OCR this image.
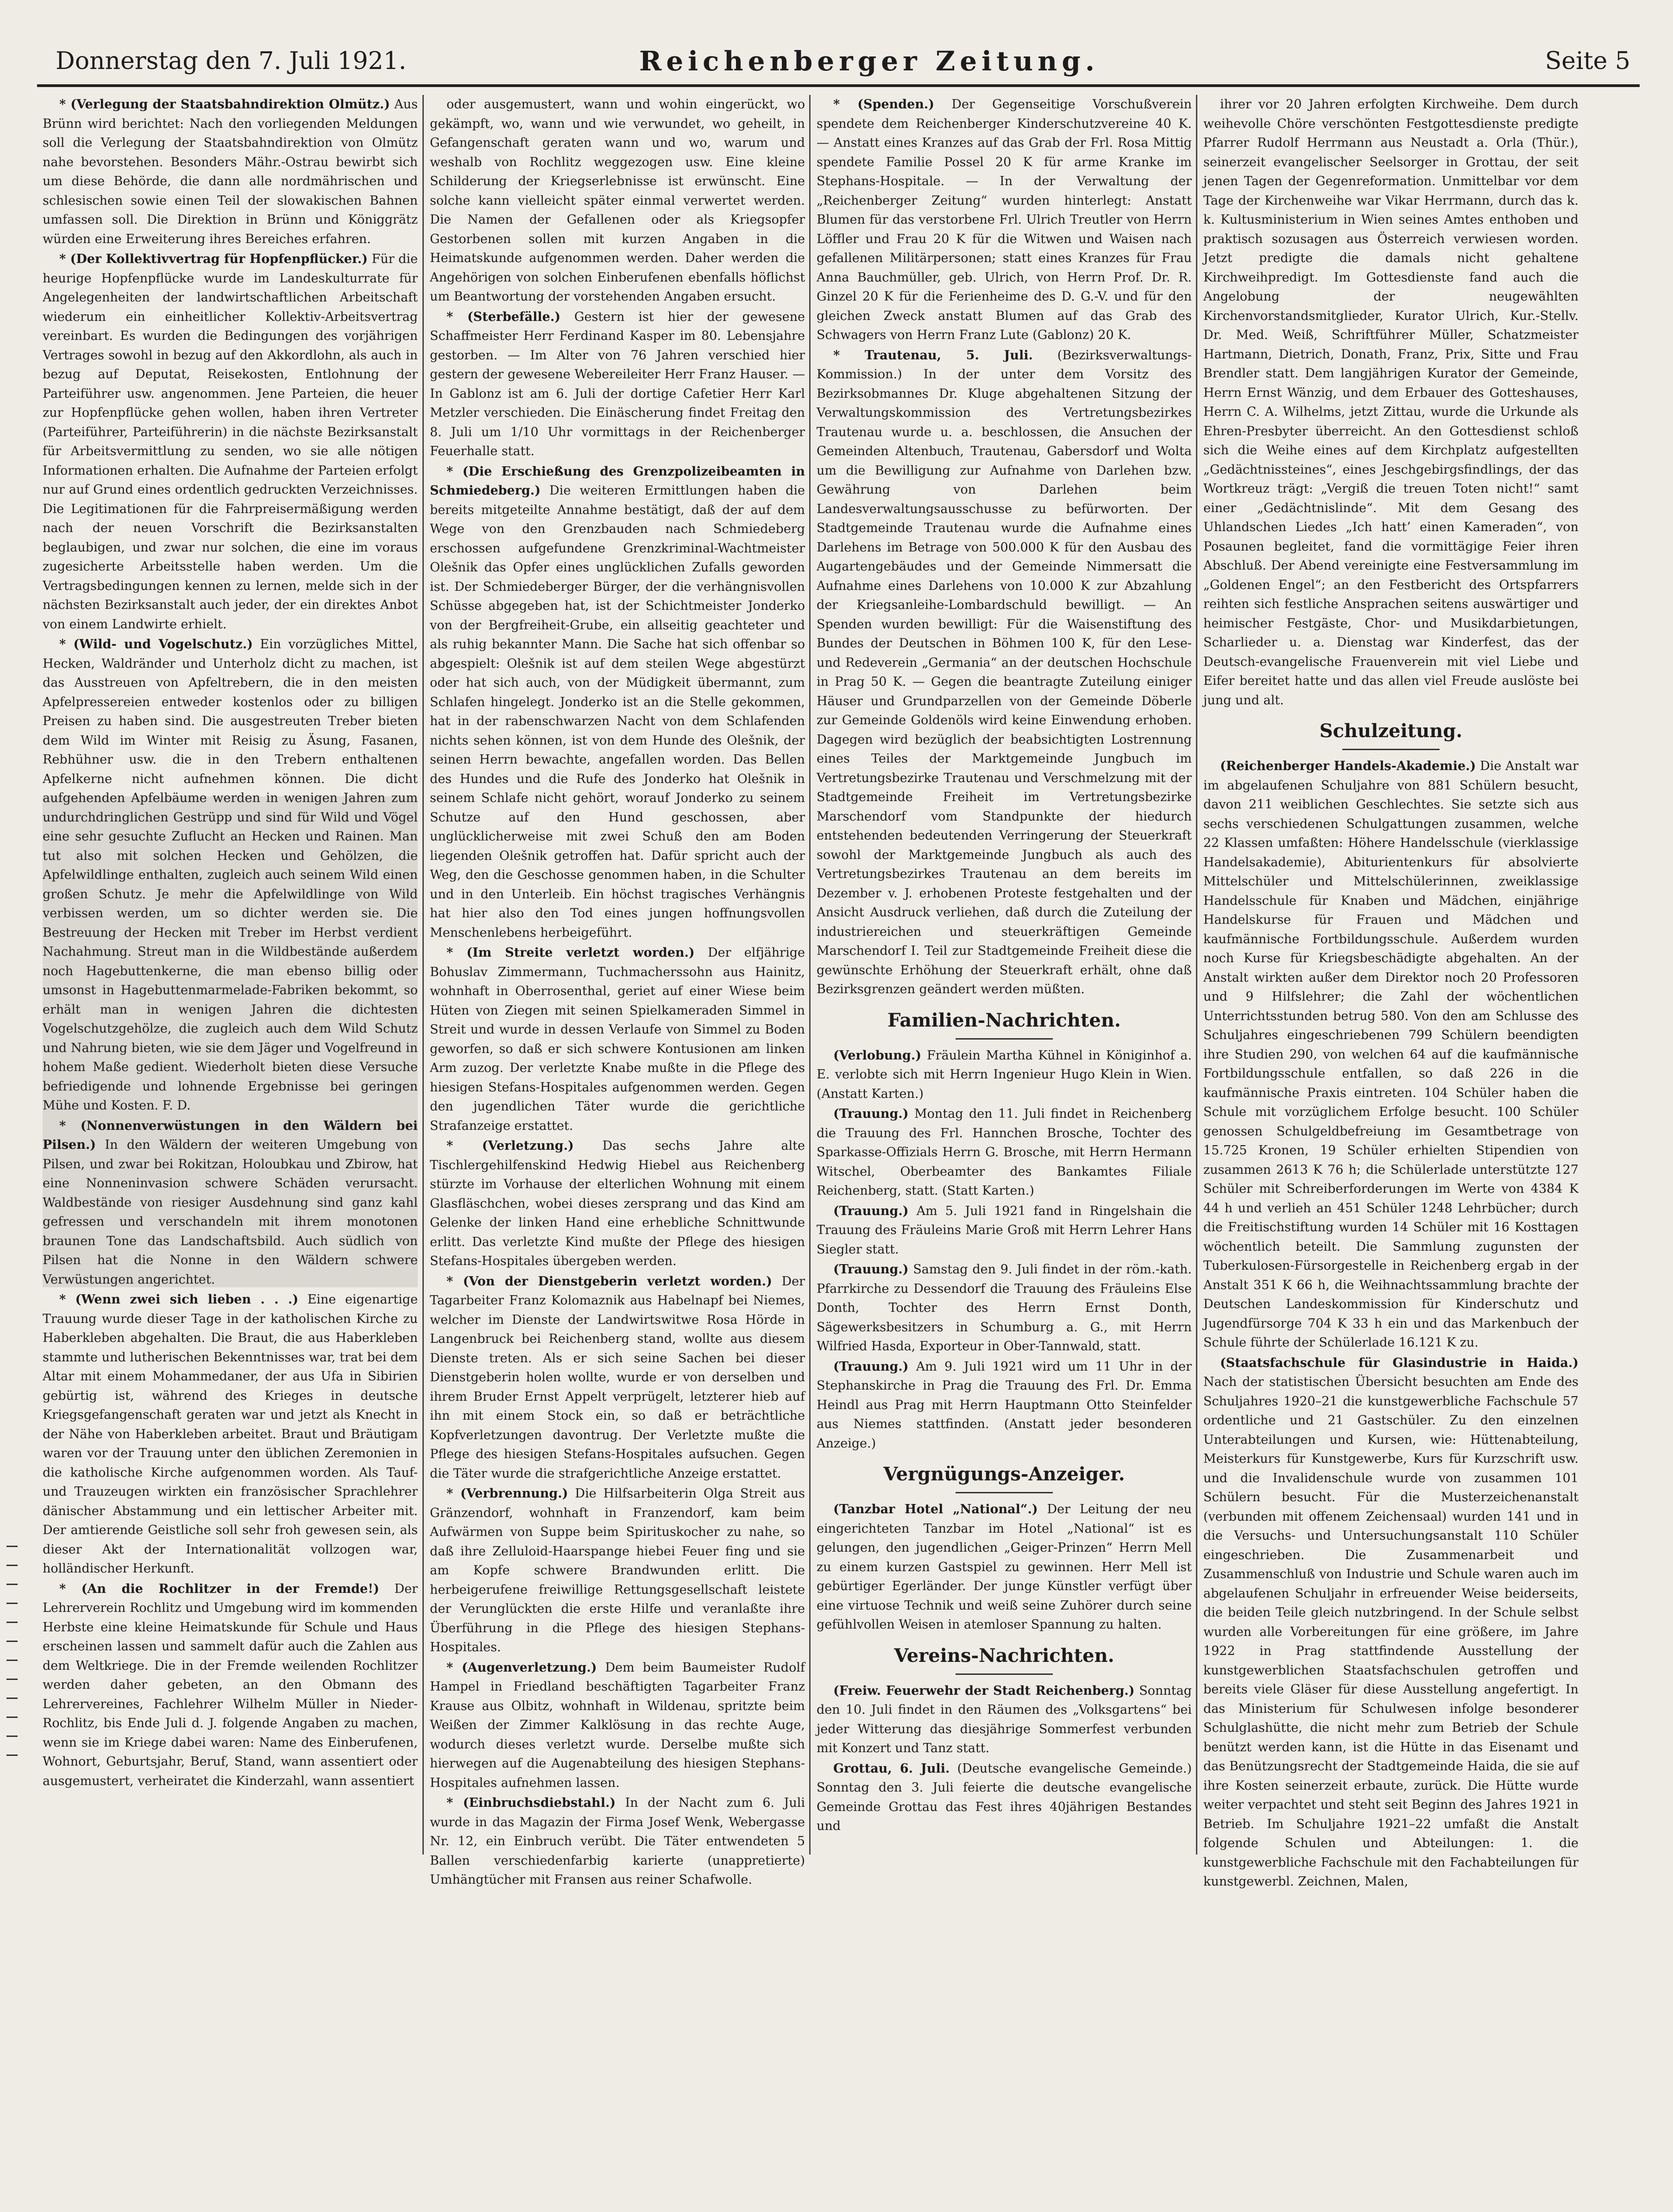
Donnerstag den 7. Juli 1921.	Reichenberger Zeitung.	Seite 5
* (Verlegung der Staatsbahndirektion Olmütz.) Aus Brünn wird berichtet: Nach den vorliegenden Meldungen soll die Verlegung der Staatsbahndirektion von Olmütz nahe bevorstehen. Besonders Mähr.-Ostrau bewirbt sich um diese Behörde, die dann alle nordmährischen und schlesischen sowie einen Teil der slowakischen Bahnen umfassen soll. Die Direktion in Brünn und Königgrätz würden eine Erweiterung ihres Bereiches erfahren.
* (Der Kollektivvertrag für Hopfenpflücker.) Für die heurige Hopfenpflücke wurde im Landeskulturrate für Angelegenheiten der landwirtschaftlichen Arbeitschaft wiederum ein einheitlicher Kollektiv-Arbeitsvertrag vereinbart. Es wurden die Bedingungen des vorjährigen Vertrages sowohl in bezug auf den Akkordlohn, als auch in bezug auf Deputat, Reisekosten, Entlohnung der Parteiführer usw. angenommen. Jene Parteien, die heuer zur Hopfenpflücke gehen wollen, haben ihren Vertreter (Parteiführer, Parteiführerin) in die nächste Bezirksanstalt für Arbeitsvermittlung zu senden, wo sie alle nötigen Informationen erhalten. Die Aufnahme der Parteien erfolgt nur auf Grund eines ordentlich gedruckten Verzeichnisses. Die Legitimationen für die Fahrpreisermäßigung werden nach der neuen Vorschrift die Bezirksanstalten beglaubigen, und zwar nur solchen, die eine im voraus zugesicherte Arbeitsstelle haben werden. Um die Vertragsbedingungen kennen zu lernen, melde sich in der nächsten Bezirksanstalt auch jeder, der ein direktes Anbot von einem Landwirte erhielt.
* (Wild- und Vogelschutz.) Ein vorzügliches Mittel, Hecken, Waldränder und Unterholz dicht zu machen, ist das Ausstreuen von Apfeltrebern, die in den meisten Apfelpressereien entweder kostenlos oder zu billigen Preisen zu haben sind. Die ausgestreuten Treber bieten dem Wild im Winter mit Reisig zu Äsung, Fasanen, Rebhühner usw. die in den Trebern enthaltenen Apfelkerne nicht aufnehmen können. Die dicht aufgehenden Apfelbäume werden in wenigen Jahren zum undurchdringlichen Gestrüpp und sind für Wild und Vögel eine sehr gesuchte Zuflucht an Hecken und Rainen. Man tut also mit solchen Hecken und Gehölzen, die Apfelwildlinge enthalten, zugleich auch seinem Wild einen großen Schutz. Je mehr die Apfelwildlinge von Wild verbissen werden, um so dichter werden sie. Die Bestreuung der Hecken mit Treber im Herbst verdient Nachahmung. Streut man in die Wildbestände außerdem noch Hagebuttenkerne, die man ebenso billig oder umsonst in Hagebuttenmarmelade-Fabriken bekommt, so erhält man in wenigen Jahren die dichtesten Vogelschutzgehölze, die zugleich auch dem Wild Schutz und Nahrung bieten, wie sie dem Jäger und Vogelfreund in hohem Maße gedient. Wiederholt bieten diese Versuche befriedigende und lohnende Ergebnisse bei geringen Mühe und Kosten. F. D.
* (Nonnenverwüstungen in den Wäldern bei Pilsen.) In den Wäldern der weiteren Umgebung von Pilsen, und zwar bei Rokitzan, Holoubkau und Zbirow, hat eine Nonneninvasion schwere Schäden verursacht. Waldbestände von riesiger Ausdehnung sind ganz kahl gefressen und verschandeln mit ihrem monotonen braunen Tone das Landschaftsbild. Auch südlich von Pilsen hat die Nonne in den Wäldern schwere Verwüstungen angerichtet.
* (Wenn zwei sich lieben . . .) Eine eigenartige Trauung wurde dieser Tage in der katholischen Kirche zu Haberkleben abgehalten. Die Braut, die aus Haberkleben stammte und lutherischen Bekenntnisses war, trat bei dem Altar mit einem Mohammedaner, der aus Ufa in Sibirien gebürtig ist, während des Krieges in deutsche Kriegsgefangenschaft geraten war und jetzt als Knecht in der Nähe von Haberkleben arbeitet. Braut und Bräutigam waren vor der Trauung unter den üblichen Zeremonien in die katholische Kirche aufgenommen worden. Als Tauf- und Trauzeugen wirkten ein französischer Sprachlehrer dänischer Abstammung und ein lettischer Arbeiter mit. Der amtierende Geistliche soll sehr froh gewesen sein, als dieser Akt der Internationalität vollzogen war, holländischer Herkunft.
* (An die Rochlitzer in der Fremde!) Der Lehrerverein Rochlitz und Umgebung wird im kommenden Herbste eine kleine Heimatskunde für Schule und Haus erscheinen lassen und sammelt dafür auch die Zahlen aus dem Weltkriege. Die in der Fremde weilenden Rochlitzer werden daher gebeten, an den Obmann des Lehrervereines, Fachlehrer Wilhelm Müller in Nieder-Rochlitz, bis Ende Juli d. J. folgende Angaben zu machen, wenn sie im Kriege dabei waren: Name des Einberufenen, Wohnort, Geburtsjahr, Beruf, Stand, wann assentiert oder ausgemustert, verheiratet die Kinderzahl, wann assentiert
oder ausgemustert, wann und wohin eingerückt, wo gekämpft, wo, wann und wie verwundet, wo geheilt, in Gefangenschaft geraten wann und wo, warum und weshalb von Rochlitz weggezogen usw. Eine kleine Schilderung der Kriegserlebnisse ist erwünscht. Eine solche kann vielleicht später einmal verwertet werden. Die Namen der Gefallenen oder als Kriegsopfer Gestorbenen sollen mit kurzen Angaben in die Heimatskunde aufgenommen werden. Daher werden die Angehörigen von solchen Einberufenen ebenfalls höflichst um Beantwortung der vorstehenden Angaben ersucht.
* (Sterbefälle.) Gestern ist hier der gewesene Schaffmeister Herr Ferdinand Kasper im 80. Lebensjahre gestorben. — Im Alter von 76 Jahren verschied hier gestern der gewesene Webereileiter Herr Franz Hauser. — In Gablonz ist am 6. Juli der dortige Cafetier Herr Karl Metzler verschieden. Die Einäscherung findet Freitag den 8. Juli um 1/10 Uhr vormittags in der Reichenberger Feuerhalle statt.
* (Die Erschießung des Grenzpolizeibeamten in Schmiedeberg.) Die weiteren Ermittlungen haben die bereits mitgeteilte Annahme bestätigt, daß der auf dem Wege von den Grenzbauden nach Schmiedeberg erschossen aufgefundene Grenzkriminal-Wachtmeister Olešnik das Opfer eines unglücklichen Zufalls geworden ist. Der Schmiedeberger Bürger, der die verhängnisvollen Schüsse abgegeben hat, ist der Schichtmeister Jonderko von der Bergfreiheit-Grube, ein allseitig geachteter und als ruhig bekannter Mann. Die Sache hat sich offenbar so abgespielt: Olešnik ist auf dem steilen Wege abgestürzt oder hat sich auch, von der Müdigkeit übermannt, zum Schlafen hingelegt. Jonderko ist an die Stelle gekommen, hat in der rabenschwarzen Nacht von dem Schlafenden nichts sehen können, ist von dem Hunde des Olešnik, der seinen Herrn bewachte, angefallen worden. Das Bellen des Hundes und die Rufe des Jonderko hat Olešnik in seinem Schlafe nicht gehört, worauf Jonderko zu seinem Schutze auf den Hund geschossen, aber unglücklicherweise mit zwei Schuß den am Boden liegenden Olešnik getroffen hat. Dafür spricht auch der Weg, den die Geschosse genommen haben, in die Schulter und in den Unterleib. Ein höchst tragisches Verhängnis hat hier also den Tod eines jungen hoffnungsvollen Menschenlebens herbeigeführt.
* (Im Streite verletzt worden.) Der elfjährige Bohuslav Zimmermann, Tuchmacherssohn aus Hainitz, wohnhaft in Oberrosenthal, geriet auf einer Wiese beim Hüten von Ziegen mit seinen Spielkameraden Simmel in Streit und wurde in dessen Verlaufe von Simmel zu Boden geworfen, so daß er sich schwere Kontusionen am linken Arm zuzog. Der verletzte Knabe mußte in die Pflege des hiesigen Stefans-Hospitales aufgenommen werden. Gegen den jugendlichen Täter wurde die gerichtliche Strafanzeige erstattet.
* (Verletzung.) Das sechs Jahre alte Tischlergehilfenskind Hedwig Hiebel aus Reichenberg stürzte im Vorhause der elterlichen Wohnung mit einem Glasfläschchen, wobei dieses zersprang und das Kind am Gelenke der linken Hand eine erhebliche Schnittwunde erlitt. Das verletzte Kind mußte der Pflege des hiesigen Stefans-Hospitales übergeben werden.
* (Von der Dienstgeberin verletzt worden.) Der Tagarbeiter Franz Kolomaznik aus Habelnapf bei Niemes, welcher im Dienste der Landwirtswitwe Rosa Hörde in Langenbruck bei Reichenberg stand, wollte aus diesem Dienste treten. Als er sich seine Sachen bei dieser Dienstgeberin holen wollte, wurde er von derselben und ihrem Bruder Ernst Appelt verprügelt, letzterer hieb auf ihn mit einem Stock ein, so daß er beträchtliche Kopfverletzungen davontrug. Der Verletzte mußte die Pflege des hiesigen Stefans-Hospitales aufsuchen. Gegen die Täter wurde die strafgerichtliche Anzeige erstattet.
* (Verbrennung.) Die Hilfsarbeiterin Olga Streit aus Gränzendorf, wohnhaft in Franzendorf, kam beim Aufwärmen von Suppe beim Spirituskocher zu nahe, so daß ihre Zelluloid-Haarspange hiebei Feuer fing und sie am Kopfe schwere Brandwunden erlitt. Die herbeigerufene freiwillige Rettungsgesellschaft leistete der Verunglückten die erste Hilfe und veranlaßte ihre Überführung in die Pflege des hiesigen Stephans-Hospitales.
* (Augenverletzung.) Dem beim Baumeister Rudolf Hampel in Friedland beschäftigten Tagarbeiter Franz Krause aus Olbitz, wohnhaft in Wildenau, spritzte beim Weißen der Zimmer Kalklösung in das rechte Auge, wodurch dieses verletzt wurde. Derselbe mußte sich hierwegen auf die Augenabteilung des hiesigen Stephans-Hospitales aufnehmen lassen.
* (Einbruchsdiebstahl.) In der Nacht zum 6. Juli wurde in das Magazin der Firma Josef Wenk, Webergasse Nr. 12, ein Einbruch verübt. Die Täter entwendeten 5 Ballen verschiedenfarbig karierte (unappretierte) Umhängtücher mit Fransen aus reiner Schafwolle.
* (Spenden.) Der Gegenseitige Vorschußverein spendete dem Reichenberger Kinderschutzvereine 40 K. — Anstatt eines Kranzes auf das Grab der Frl. Rosa Mittig spendete Familie Possel 20 K für arme Kranke im Stephans-Hospitale. — In der Verwaltung der „Reichenberger Zeitung“ wurden hinterlegt: Anstatt Blumen für das verstorbene Frl. Ulrich Treutler von Herrn Löffler und Frau 20 K für die Witwen und Waisen nach gefallenen Militärpersonen; statt eines Kranzes für Frau Anna Bauchmüller, geb. Ulrich, von Herrn Prof. Dr. R. Ginzel 20 K für die Ferienheime des D. G.-V. und für den gleichen Zweck anstatt Blumen auf das Grab des Schwagers von Herrn Franz Lute (Gablonz) 20 K.
* Trautenau, 5. Juli. (Bezirksverwaltungs-Kommission.) In der unter dem Vorsitz des Bezirksobmannes Dr. Kluge abgehaltenen Sitzung der Verwaltungskommission des Vertretungsbezirkes Trautenau wurde u. a. beschlossen, die Ansuchen der Gemeinden Altenbuch, Trautenau, Gabersdorf und Wolta um die Bewilligung zur Aufnahme von Darlehen bzw. Gewährung von Darlehen beim Landesverwaltungsausschusse zu befürworten. Der Stadtgemeinde Trautenau wurde die Aufnahme eines Darlehens im Betrage von 500.000 K für den Ausbau des Augartengebäudes und der Gemeinde Nimmersatt die Aufnahme eines Darlehens von 10.000 K zur Abzahlung der Kriegsanleihe-Lombardschuld bewilligt. — An Spenden wurden bewilligt: Für die Waisenstiftung des Bundes der Deutschen in Böhmen 100 K, für den Lese- und Redeverein „Germania“ an der deutschen Hochschule in Prag 50 K. — Gegen die beantragte Zuteilung einiger Häuser und Grundparzellen von der Gemeinde Döberle zur Gemeinde Goldenöls wird keine Einwendung erhoben. Dagegen wird bezüglich der beabsichtigten Lostrennung eines Teiles der Marktgemeinde Jungbuch im Vertretungsbezirke Trautenau und Verschmelzung mit der Stadtgemeinde Freiheit im Vertretungsbezirke Marschendorf vom Standpunkte der hiedurch entstehenden bedeutenden Verringerung der Steuerkraft sowohl der Marktgemeinde Jungbuch als auch des Vertretungsbezirkes Trautenau an dem bereits im Dezember v. J. erhobenen Proteste festgehalten und der Ansicht Ausdruck verliehen, daß durch die Zuteilung der industriereichen und steuerkräftigen Gemeinde Marschendorf I. Teil zur Stadtgemeinde Freiheit diese die gewünschte Erhöhung der Steuerkraft erhält, ohne daß Bezirksgrenzen geändert werden müßten.
Familien-Nachrichten.
(Verlobung.) Fräulein Martha Kühnel in Königinhof a. E. verlobte sich mit Herrn Ingenieur Hugo Klein in Wien. (Anstatt Karten.)
(Trauung.) Montag den 11. Juli findet in Reichenberg die Trauung des Frl. Hannchen Brosche, Tochter des Sparkasse-Offizials Herrn G. Brosche, mit Herrn Hermann Witschel, Oberbeamter des Bankamtes Filiale Reichenberg, statt. (Statt Karten.)
(Trauung.) Am 5. Juli 1921 fand in Ringelshain die Trauung des Fräuleins Marie Groß mit Herrn Lehrer Hans Siegler statt.
(Trauung.) Samstag den 9. Juli findet in der röm.-kath. Pfarrkirche zu Dessendorf die Trauung des Fräuleins Else Donth, Tochter des Herrn Ernst Donth, Sägewerksbesitzers in Schumburg a. G., mit Herrn Wilfried Hasda, Exporteur in Ober-Tannwald, statt.
(Trauung.) Am 9. Juli 1921 wird um 11 Uhr in der Stephanskirche in Prag die Trauung des Frl. Dr. Emma Heindl aus Prag mit Herrn Hauptmann Otto Steinfelder aus Niemes stattfinden. (Anstatt jeder besonderen Anzeige.)
Vergnügungs-Anzeiger.
(Tanzbar Hotel „National“.) Der Leitung der neu eingerichteten Tanzbar im Hotel „National“ ist es gelungen, den jugendlichen „Geiger-Prinzen“ Herrn Mell zu einem kurzen Gastspiel zu gewinnen. Herr Mell ist gebürtiger Egerländer. Der junge Künstler verfügt über eine virtuose Technik und weiß seine Zuhörer durch seine gefühlvollen Weisen in atemloser Spannung zu halten.
Vereins-Nachrichten.
(Freiw. Feuerwehr der Stadt Reichenberg.) Sonntag den 10. Juli findet in den Räumen des „Volksgartens“ bei jeder Witterung das diesjährige Sommerfest verbunden mit Konzert und Tanz statt.
Grottau, 6. Juli. (Deutsche evangelische Gemeinde.) Sonntag den 3. Juli feierte die deutsche evangelische Gemeinde Grottau das Fest ihres 40jährigen Bestandes und
ihrer vor 20 Jahren erfolgten Kirchweihe. Dem durch weihevolle Chöre verschönten Festgottesdienste predigte Pfarrer Rudolf Herrmann aus Neustadt a. Orla (Thür.), seinerzeit evangelischer Seelsorger in Grottau, der seit jenen Tagen der Gegenreformation. Unmittelbar vor dem Tage der Kirchenweihe war Vikar Herrmann, durch das k. k. Kultusministerium in Wien seines Amtes enthoben und praktisch sozusagen aus Österreich verwiesen worden. Jetzt predigte die damals nicht gehaltene Kirchweihpredigt. Im Gottesdienste fand auch die Angelobung der neugewählten Kirchenvorstandsmitglieder, Kurator Ulrich, Kur.-Stellv. Dr. Med. Weiß, Schriftführer Müller, Schatzmeister Hartmann, Dietrich, Donath, Franz, Prix, Sitte und Frau Brendler statt. Dem langjährigen Kurator der Gemeinde, Herrn Ernst Wänzig, und dem Erbauer des Gotteshauses, Herrn C. A. Wilhelms, jetzt Zittau, wurde die Urkunde als Ehren-Presbyter überreicht. An den Gottesdienst schloß sich die Weihe eines auf dem Kirchplatz aufgestellten „Gedächtnissteines“, eines Jeschgebirgsfindlings, der das Wortkreuz trägt: „Vergiß die treuen Toten nicht!“ samt einer „Gedächtnislinde“. Mit dem Gesang des Uhlandschen Liedes „Ich hatt’ einen Kameraden“, von Posaunen begleitet, fand die vormittägige Feier ihren Abschluß. Der Abend vereinigte eine Festversammlung im „Goldenen Engel“; an den Festbericht des Ortspfarrers reihten sich festliche Ansprachen seitens auswärtiger und heimischer Festgäste, Chor- und Musikdarbietungen, Scharlieder u. a. Dienstag war Kinderfest, das der Deutsch-evangelische Frauenverein mit viel Liebe und Eifer bereitet hatte und das allen viel Freude auslöste bei jung und alt.
Schulzeitung.
(Reichenberger Handels-Akademie.) Die Anstalt war im abgelaufenen Schuljahre von 881 Schülern besucht, davon 211 weiblichen Geschlechtes. Sie setzte sich aus sechs verschiedenen Schulgattungen zusammen, welche 22 Klassen umfaßten: Höhere Handelsschule (vierklassige Handelsakademie), Abiturientenkurs für absolvierte Mittelschüler und Mittelschülerinnen, zweiklassige Handelsschule für Knaben und Mädchen, einjährige Handelskurse für Frauen und Mädchen und kaufmännische Fortbildungsschule. Außerdem wurden noch Kurse für Kriegsbeschädigte abgehalten. An der Anstalt wirkten außer dem Direktor noch 20 Professoren und 9 Hilfslehrer; die Zahl der wöchentlichen Unterrichtsstunden betrug 580. Von den am Schlusse des Schuljahres eingeschriebenen 799 Schülern beendigten ihre Studien 290, von welchen 64 auf die kaufmännische Fortbildungsschule entfallen, so daß 226 in die kaufmännische Praxis eintreten. 104 Schüler haben die Schule mit vorzüglichem Erfolge besucht. 100 Schüler genossen Schulgeldbefreiung im Gesamtbetrage von 15.725 Kronen, 19 Schüler erhielten Stipendien von zusammen 2613 K 76 h; die Schülerlade unterstützte 127 Schüler mit Schreiberforderungen im Werte von 4384 K 44 h und verlieh an 451 Schüler 1248 Lehrbücher; durch die Freitischstiftung wurden 14 Schüler mit 16 Kosttagen wöchentlich beteilt. Die Sammlung zugunsten der Tuberkulosen-Fürsorgestelle in Reichenberg ergab in der Anstalt 351 K 66 h, die Weihnachtssammlung brachte der Deutschen Landeskommission für Kinderschutz und Jugendfürsorge 704 K 33 h ein und das Markenbuch der Schule führte der Schülerlade 16.121 K zu.
(Staatsfachschule für Glasindustrie in Haida.) Nach der statistischen Übersicht besuchten am Ende des Schuljahres 1920–21 die kunstgewerbliche Fachschule 57 ordentliche und 21 Gastschüler. Zu den einzelnen Unterabteilungen und Kursen, wie: Hüttenabteilung, Meisterkurs für Kunstgewerbe, Kurs für Kurzschrift usw. und die Invalidenschule wurde von zusammen 101 Schülern besucht. Für die Musterzeichenanstalt (verbunden mit offenem Zeichensaal) wurden 141 und in die Versuchs- und Untersuchungsanstalt 110 Schüler eingeschrieben. Die Zusammenarbeit und Zusammenschluß von Industrie und Schule waren auch im abgelaufenen Schuljahr in erfreuender Weise beiderseits, die beiden Teile gleich nutzbringend. In der Schule selbst wurden alle Vorbereitungen für eine größere, im Jahre 1922 in Prag stattfindende Ausstellung der kunstgewerblichen Staatsfachschulen getroffen und bereits viele Gläser für diese Ausstellung angefertigt. In das Ministerium für Schulwesen infolge besonderer Schulglashütte, die nicht mehr zum Betrieb der Schule benützt werden kann, ist die Hütte in das Eisenamt und das Benützungsrecht der Stadtgemeinde Haida, die sie auf ihre Kosten seinerzeit erbaute, zurück. Die Hütte wurde weiter verpachtet und steht seit Beginn des Jahres 1921 in Betrieb. Im Schuljahre 1921–22 umfaßt die Anstalt folgende Schulen und Abteilungen: 1. die kunstgewerbliche Fachschule mit den Fachabteilungen für kunstgewerbl. Zeichnen, Malen,
